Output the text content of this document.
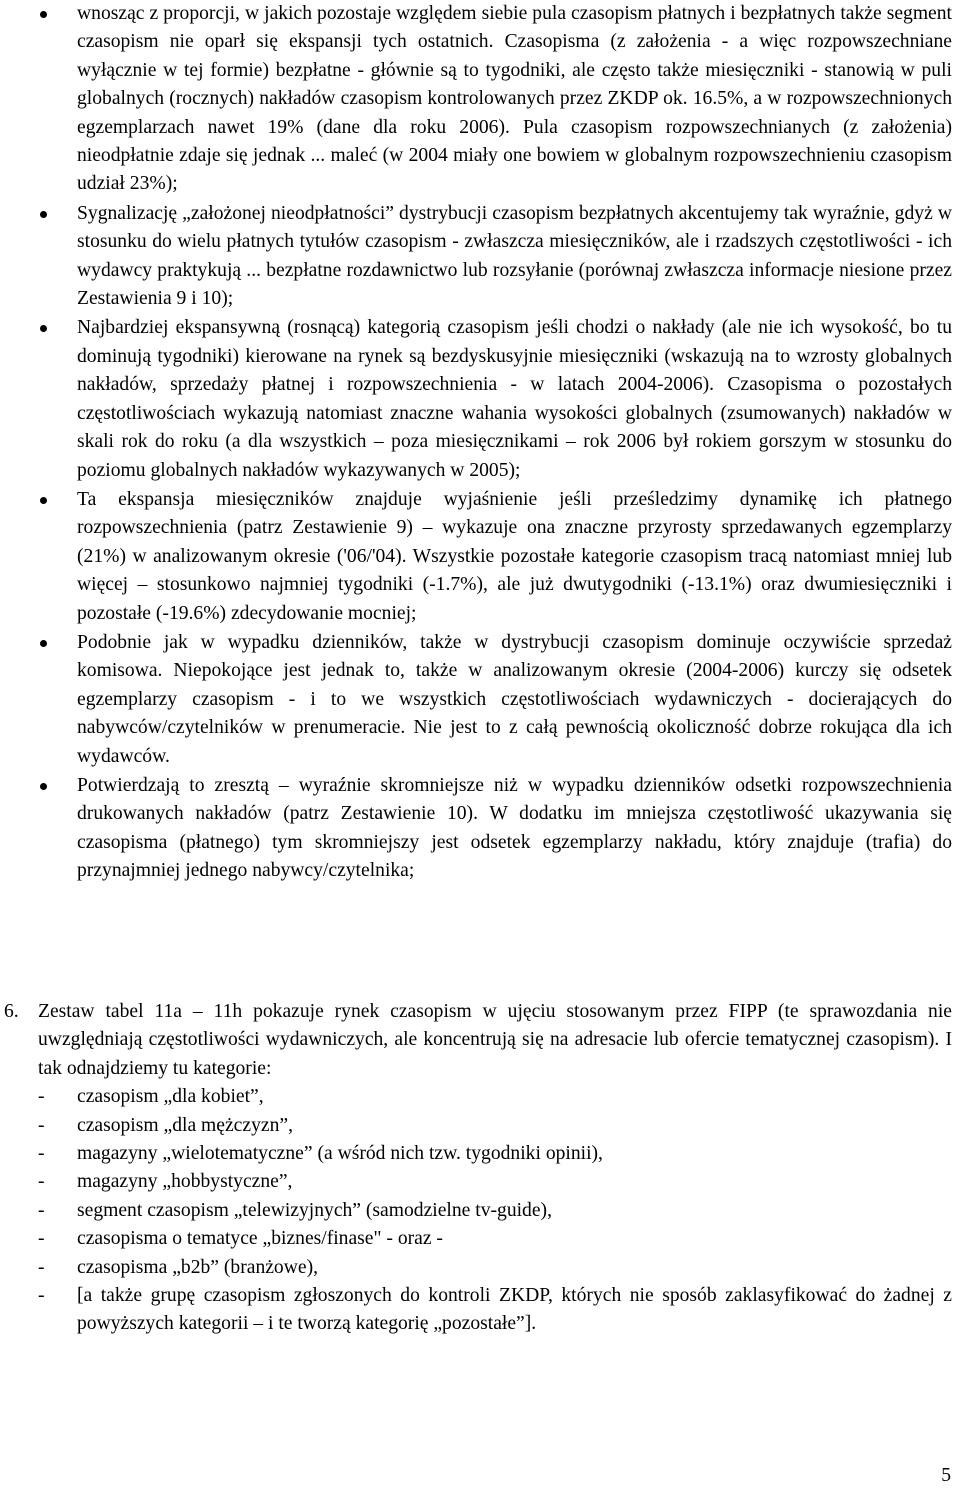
wnosząc z proporcji, w jakich pozostaje względem siebie pula czasopism płatnych i bezpłatnych także segment czasopism nie oparł się ekspansji tych ostatnich. Czasopisma (z założenia - a więc rozpowszechniane wyłącznie w tej formie) bezpłatne - głównie są to tygodniki, ale często także miesięczniki - stanowią w puli globalnych (rocznych) nakładów czasopism kontrolowanych przez ZKDP ok. 16.5%, a w rozpowszechnionych egzemplarzach nawet 19% (dane dla roku 2006). Pula czasopism rozpowszechnianych (z założenia) nieodpłatnie zdaje się jednak ... maleć (w 2004 miały one bowiem w globalnym rozpowszechnieniu czasopism udział 23%);
Sygnalizację „założonej nieodpłatności” dystrybucji czasopism bezpłatnych akcentujemy tak wyraźnie, gdyż w stosunku do wielu płatnych tytułów czasopism - zwłaszcza miesięczników, ale i rzadszych częstotliwości - ich wydawcy praktykują ... bezpłatne rozdawnictwo lub rozsyłanie (porównaj zwłaszcza informacje niesione przez Zestawienia 9 i 10);
Najbardziej ekspansywną (rosnącą) kategorią czasopism jeśli chodzi o nakłady (ale nie ich wysokość, bo tu dominują tygodniki) kierowane na rynek są bezdyskusyjnie miesięczniki (wskazują na to wzrosty globalnych nakładów, sprzedaży płatnej i rozpowszechnienia - w latach 2004-2006). Czasopisma o pozostałych częstotliwościach wykazują natomiast znaczne wahania wysokości globalnych (zsumowanych) nakładów w skali rok do roku (a dla wszystkich – poza miesięcznikami – rok 2006 był rokiem gorszym w stosunku do poziomu globalnych nakładów wykazywanych w 2005);
Ta ekspansja miesięczników znajduje wyjaśnienie jeśli prześledzimy dynamikę ich płatnego rozpowszechnienia (patrz Zestawienie 9) – wykazuje ona znaczne przyrosty sprzedawanych egzemplarzy (21%) w analizowanym okresie ('06/'04). Wszystkie pozostałe kategorie czasopism tracą natomiast mniej lub więcej – stosunkowo najmniej tygodniki (-1.7%), ale już dwutygodniki (-13.1%) oraz dwumiesięczniki i pozostałe (-19.6%) zdecydowanie mocniej;
Podobnie jak w wypadku dzienników, także w dystrybucji czasopism dominuje oczywiście sprzedaż komisowa. Niepokojące jest jednak to, także w analizowanym okresie (2004-2006) kurczy się odsetek egzemplarzy czasopism - i to we wszystkich częstotliwościach wydawniczych - docierających do nabywców/czytelników w prenumeracie. Nie jest to z całą pewnością okoliczność dobrze rokująca dla ich wydawców.
Potwierdzają to zresztą – wyraźnie skromniejsze niż w wypadku dzienników odsetki rozpowszechnienia drukowanych nakładów (patrz Zestawienie 10). W dodatku im mniejsza częstotliwość ukazywania się czasopisma (płatnego) tym skromniejszy jest odsetek egzemplarzy nakładu, który znajduje (trafia) do przynajmniej jednego nabywcy/czytelnika;
6. Zestaw tabel 11a – 11h pokazuje rynek czasopism w ujęciu stosowanym przez FIPP (te sprawozdania nie uwzględniają częstotliwości wydawniczych, ale koncentrują się na adresacie lub ofercie tematycznej czasopism). I tak odnajdziemy tu kategorie:

- czasopism „dla kobiet”,
- czasopism „dla mężczyzn”,
- magazyny „wielotematyczne” (a wśród nich tzw. tygodniki opinii),
- magazyny „hobbystyczne”,
- segment czasopism „telewizyjnych” (samodzielne tv-guide),
- czasopisma o tematyce „biznes/finase" - oraz -
- czasopisma „b2b” (branżowe),
- [a także grupę czasopism zgłoszonych do kontroli ZKDP, których nie sposób zaklasyfikować do żadnej z powyższych kategorii – i te tworzą kategorię „pozostałe”].
5
